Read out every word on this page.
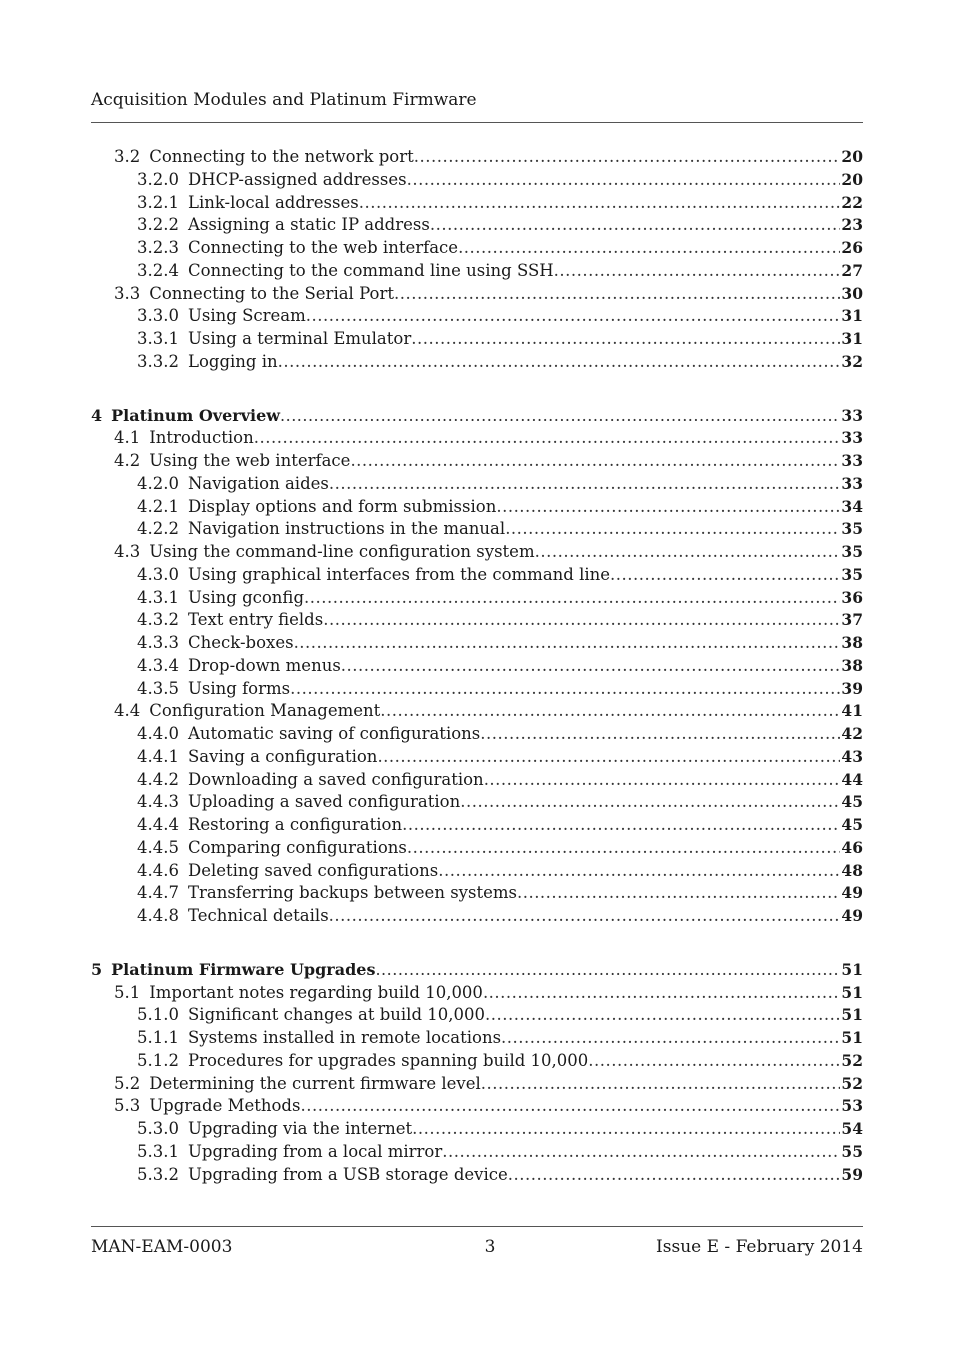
Acquisition Modules and Platinum Firmware
3.2 Connecting to the network port .....	20
3.2.0 DHCP-assigned addresses .....	20
3.2.1 Link-local addresses .....	22
3.2.2 Assigning a static IP address .....	23
3.2.3 Connecting to the web interface .....	26
3.2.4 Connecting to the command line using SSH .....	27
3.3 Connecting to the Serial Port .....	30
3.3.0 Using Scream .....	31
3.3.1 Using a terminal Emulator .....	31
3.3.2 Logging in .....	32
4 Platinum Overview .....	33
4.1 Introduction .....	33
4.2 Using the web interface .....	33
4.2.0 Navigation aides .....	33
4.2.1 Display options and form submission .....	34
4.2.2 Navigation instructions in the manual .....	35
4.3 Using the command-line configuration system .....	35
4.3.0 Using graphical interfaces from the command line .....	35
4.3.1 Using gconfig .....	36
4.3.2 Text entry fields .....	37
4.3.3 Check-boxes .....	38
4.3.4 Drop-down menus .....	38
4.3.5 Using forms .....	39
4.4 Configuration Management .....	41
4.4.0 Automatic saving of configurations .....	42
4.4.1 Saving a configuration .....	43
4.4.2 Downloading a saved configuration .....	44
4.4.3 Uploading a saved configuration .....	45
4.4.4 Restoring a configuration .....	45
4.4.5 Comparing configurations .....	46
4.4.6 Deleting saved configurations .....	48
4.4.7 Transferring backups between systems .....	49
4.4.8 Technical details .....	49
5 Platinum Firmware Upgrades .....	51
5.1 Important notes regarding build 10,000 .....	51
5.1.0 Significant changes at build 10,000 .....	51
5.1.1 Systems installed in remote locations .....	51
5.1.2 Procedures for upgrades spanning build 10,000 .....	52
5.2 Determining the current firmware level .....	52
5.3 Upgrade Methods .....	53
5.3.0 Upgrading via the internet .....	54
5.3.1 Upgrading from a local mirror .....	55
5.3.2 Upgrading from a USB storage device .....	59
MAN-EAM-0003	3	Issue E - February 2014
